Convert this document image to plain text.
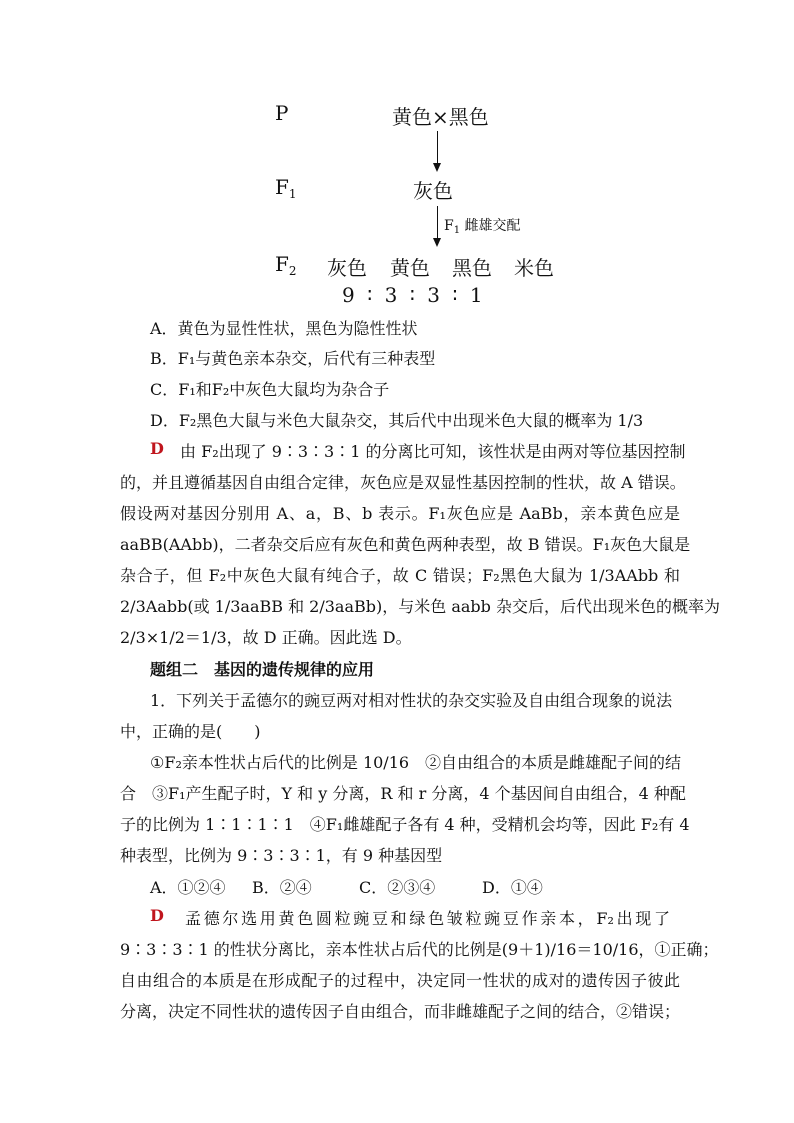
P	黄色×黑色
$F_1$	灰色
$F_1$ 雌雄交配
$F_2$ 灰色 黄色 黑色 米色
9 ∶ 3 ∶ 3 ∶ 1
A．黄色为显性性状，黑色为隐性性状
B．F₁与黄色亲本杂交，后代有三种表型
C．F₁和F₂中灰色大鼠均为杂合子
D．F₂黑色大鼠与米色大鼠杂交，其后代中出现米色大鼠的概率为 1/3
D 由 F₂出现了 9∶3∶3∶1 的分离比可知，该性状是由两对等位基因控制
的，并且遵循基因自由组合定律，灰色应是双显性基因控制的性状，故 A 错误。
假设两对基因分别用 A、a，B、b 表示。F₁灰色应是 AaBb，亲本黄色应是
aaBB(AAbb)，二者杂交后应有灰色和黄色两种表型，故 B 错误。F₁灰色大鼠是
杂合子，但 F₂中灰色大鼠有纯合子，故 C 错误；F₂黑色大鼠为 1/3AAbb 和
2/3Aabb(或 1/3aaBB 和 2/3aaBb)，与米色 aabb 杂交后，后代出现米色的概率为
2/3×1/2＝1/3，故 D 正确。因此选 D。
题组二　基因的遗传规律的应用
1．下列关于孟德尔的豌豆两对相对性状的杂交实验及自由组合现象的说法
中，正确的是(　　)
①F₂亲本性状占后代的比例是 10/16　②自由组合的本质是雌雄配子间的结
合　③F₁产生配子时，Y 和 y 分离，R 和 r 分离，4 个基因间自由组合，4 种配
子的比例为 1∶1∶1∶1　④F₁雌雄配子各有 4 种，受精机会均等，因此 F₂有 4
种表型，比例为 9∶3∶3∶1，有 9 种基因型
A．①②④ B．②④	C．②③④	D．①④
D 孟德尔选用黄色圆粒豌豆和绿色皱粒豌豆作亲本，F₂出现了
9∶3∶3∶1 的性状分离比，亲本性状占后代的比例是(9＋1)/16＝10/16，①正确；
自由组合的本质是在形成配子的过程中，决定同一性状的成对的遗传因子彼此
分离，决定不同性状的遗传因子自由组合，而非雌雄配子之间的结合，②错误；
